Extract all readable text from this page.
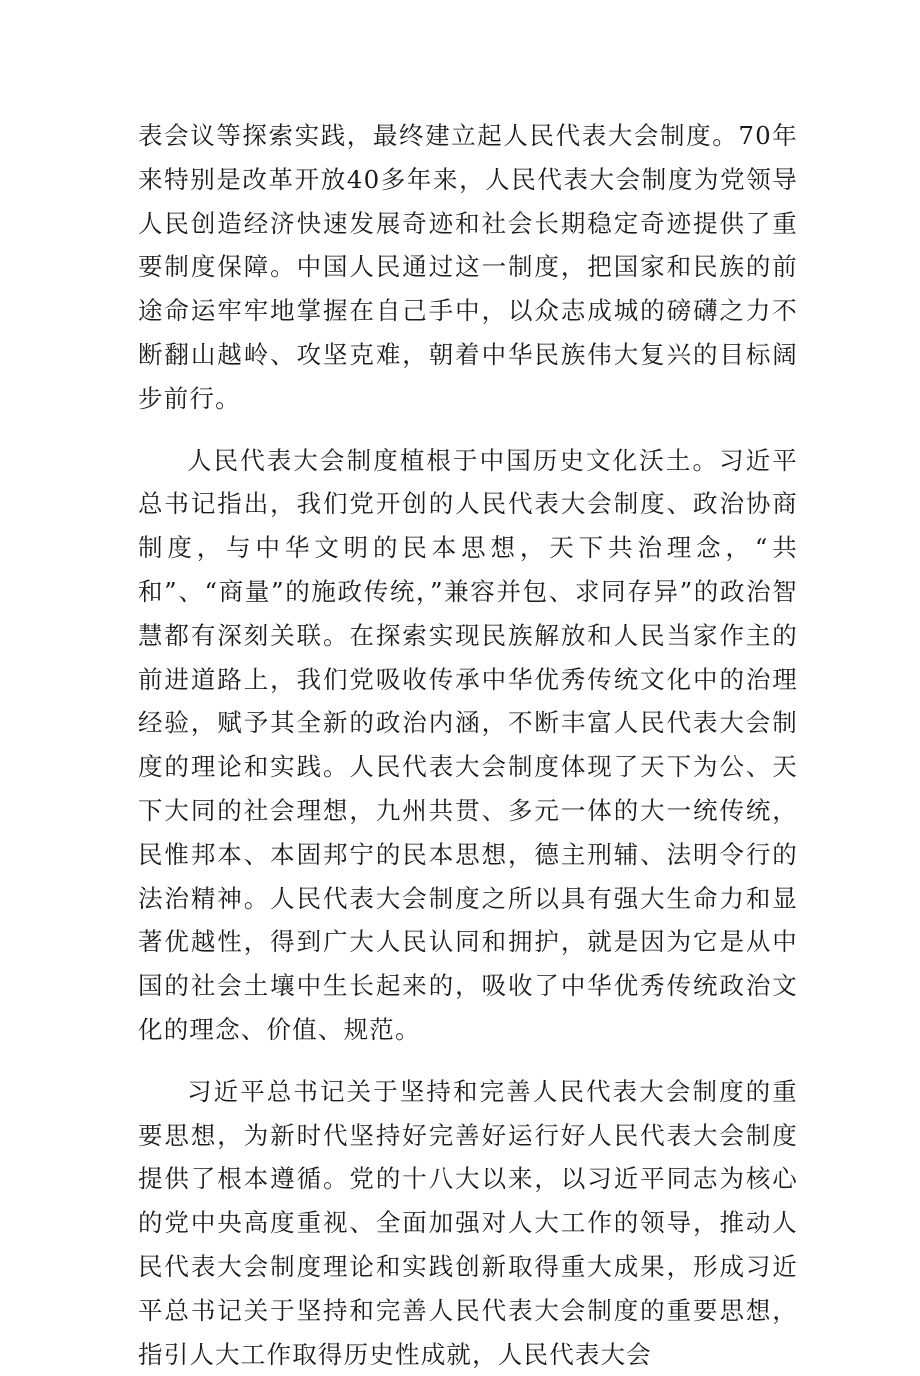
表会议等探索实践，最终建立起人民代表大会制度。70年来特别是改革开放40多年来，人民代表大会制度为党领导人民创造经济快速发展奇迹和社会长期稳定奇迹提供了重要制度保障。中国人民通过这一制度，把国家和民族的前途命运牢牢地掌握在自己手中，以众志成城的磅礴之力不断翻山越岭、攻坚克难，朝着中华民族伟大复兴的目标阔步前行。

人民代表大会制度植根于中国历史文化沃土。习近平总书记指出，我们党开创的人民代表大会制度、政治协商制度，与中华文明的民本思想，天下共治理念，“共和”、“商量”的施政传统，”兼容并包、求同存异”的政治智慧都有深刻关联。在探索实现民族解放和人民当家作主的前进道路上，我们党吸收传承中华优秀传统文化中的治理经验，赋予其全新的政治内涵，不断丰富人民代表大会制度的理论和实践。人民代表大会制度体现了天下为公、天下大同的社会理想，九州共贯、多元一体的大一统传统，民惟邦本、本固邦宁的民本思想，德主刑辅、法明令行的法治精神。人民代表大会制度之所以具有强大生命力和显著优越性，得到广大人民认同和拥护，就是因为它是从中国的社会土壤中生长起来的，吸收了中华优秀传统政治文化的理念、价值、规范。

习近平总书记关于坚持和完善人民代表大会制度的重要思想，为新时代坚持好完善好运行好人民代表大会制度提供了根本遵循。党的十八大以来，以习近平同志为核心的党中央高度重视、全面加强对人大工作的领导，推动人民代表大会制度理论和实践创新取得重大成果，形成习近平总书记关于坚持和完善人民代表大会制度的重要思想，指引人大工作取得历史性成就，人民代表大会
